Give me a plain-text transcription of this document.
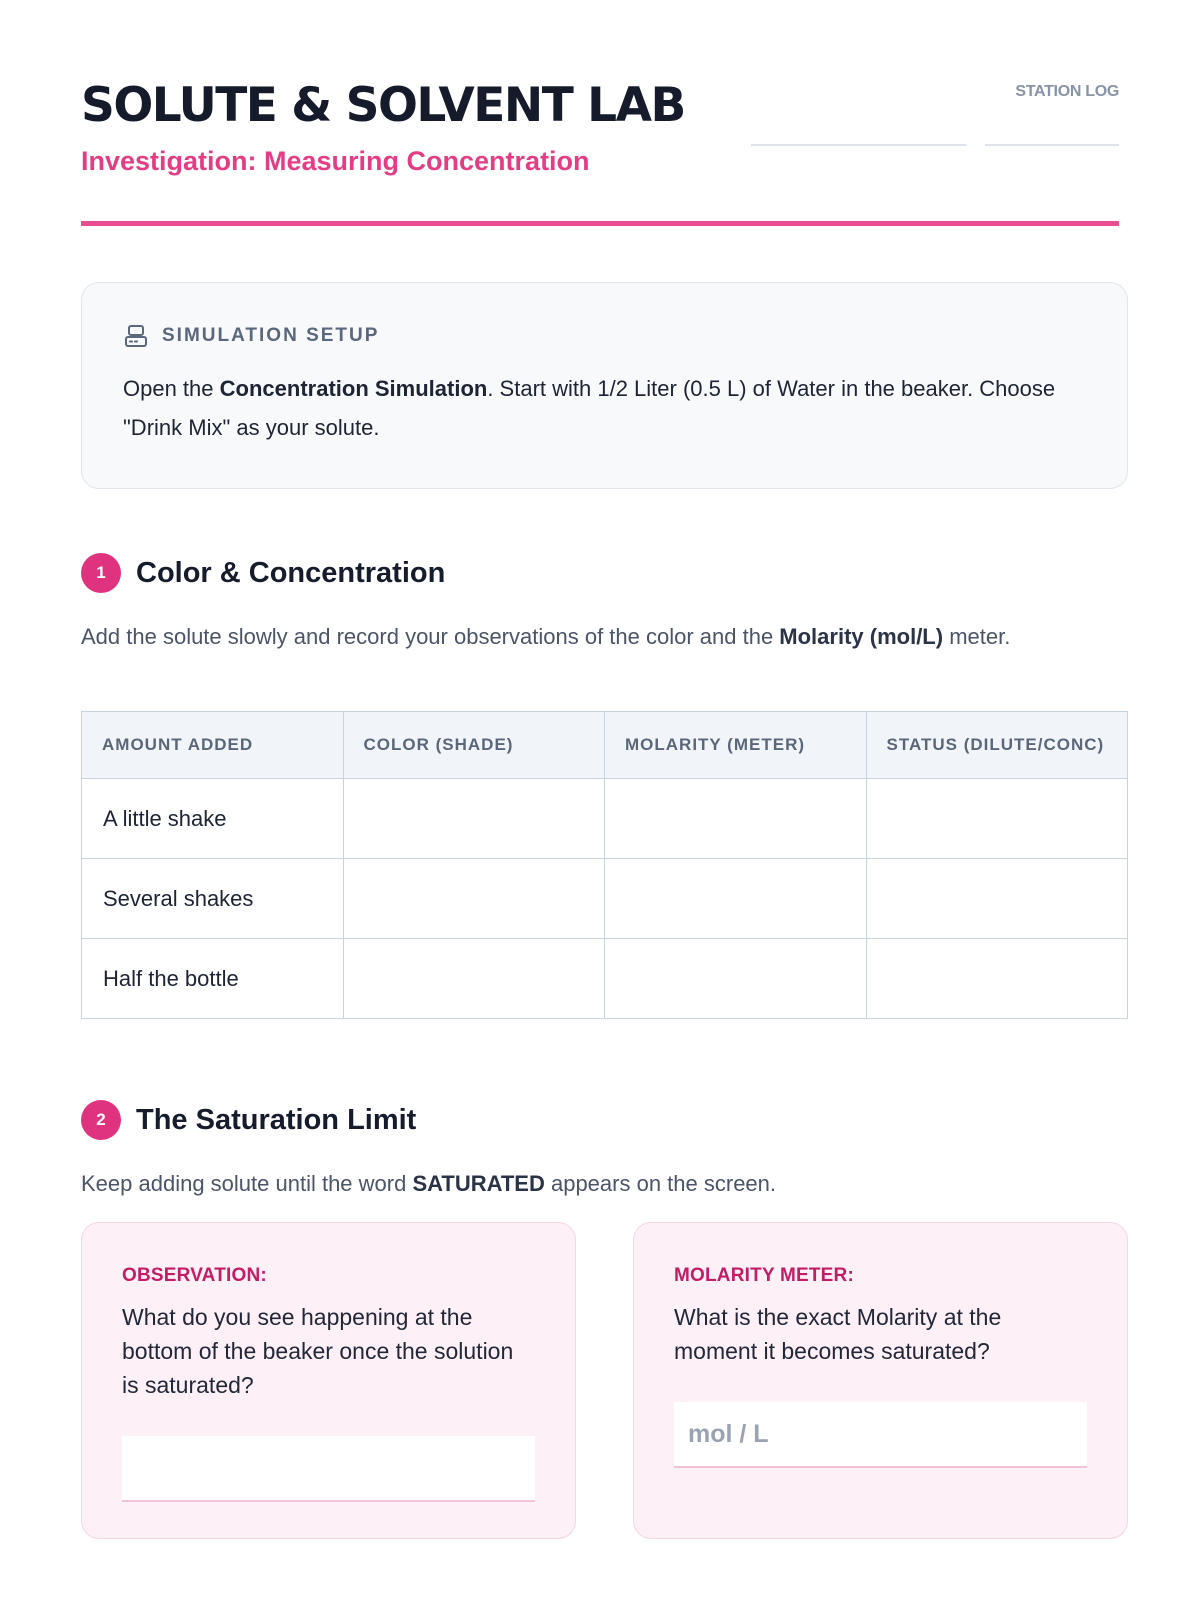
SOLUTE & SOLVENT LAB
Investigation: Measuring Concentration
STATION LOG
SIMULATION SETUP

Open the Concentration Simulation. Start with 1/2 Liter (0.5 L) of Water in the beaker. Choose "Drink Mix" as your solute.

1	Color & Concentration

Add the solute slowly and record your observations of the color and the Molarity (mol/L) meter.

AMOUNT ADDED	COLOR (SHADE)	MOLARITY (METER)	STATUS (DILUTE/CONC)
A little shake			
Several shakes			
Half the bottle			
2	The Saturation Limit

Keep adding solute until the word SATURATED appears on the screen.

OBSERVATION:
What do you see happening at the bottom of the beaker once the solution is saturated?
MOLARITY METER:
What is the exact Molarity at the moment it becomes saturated?
mol / L
